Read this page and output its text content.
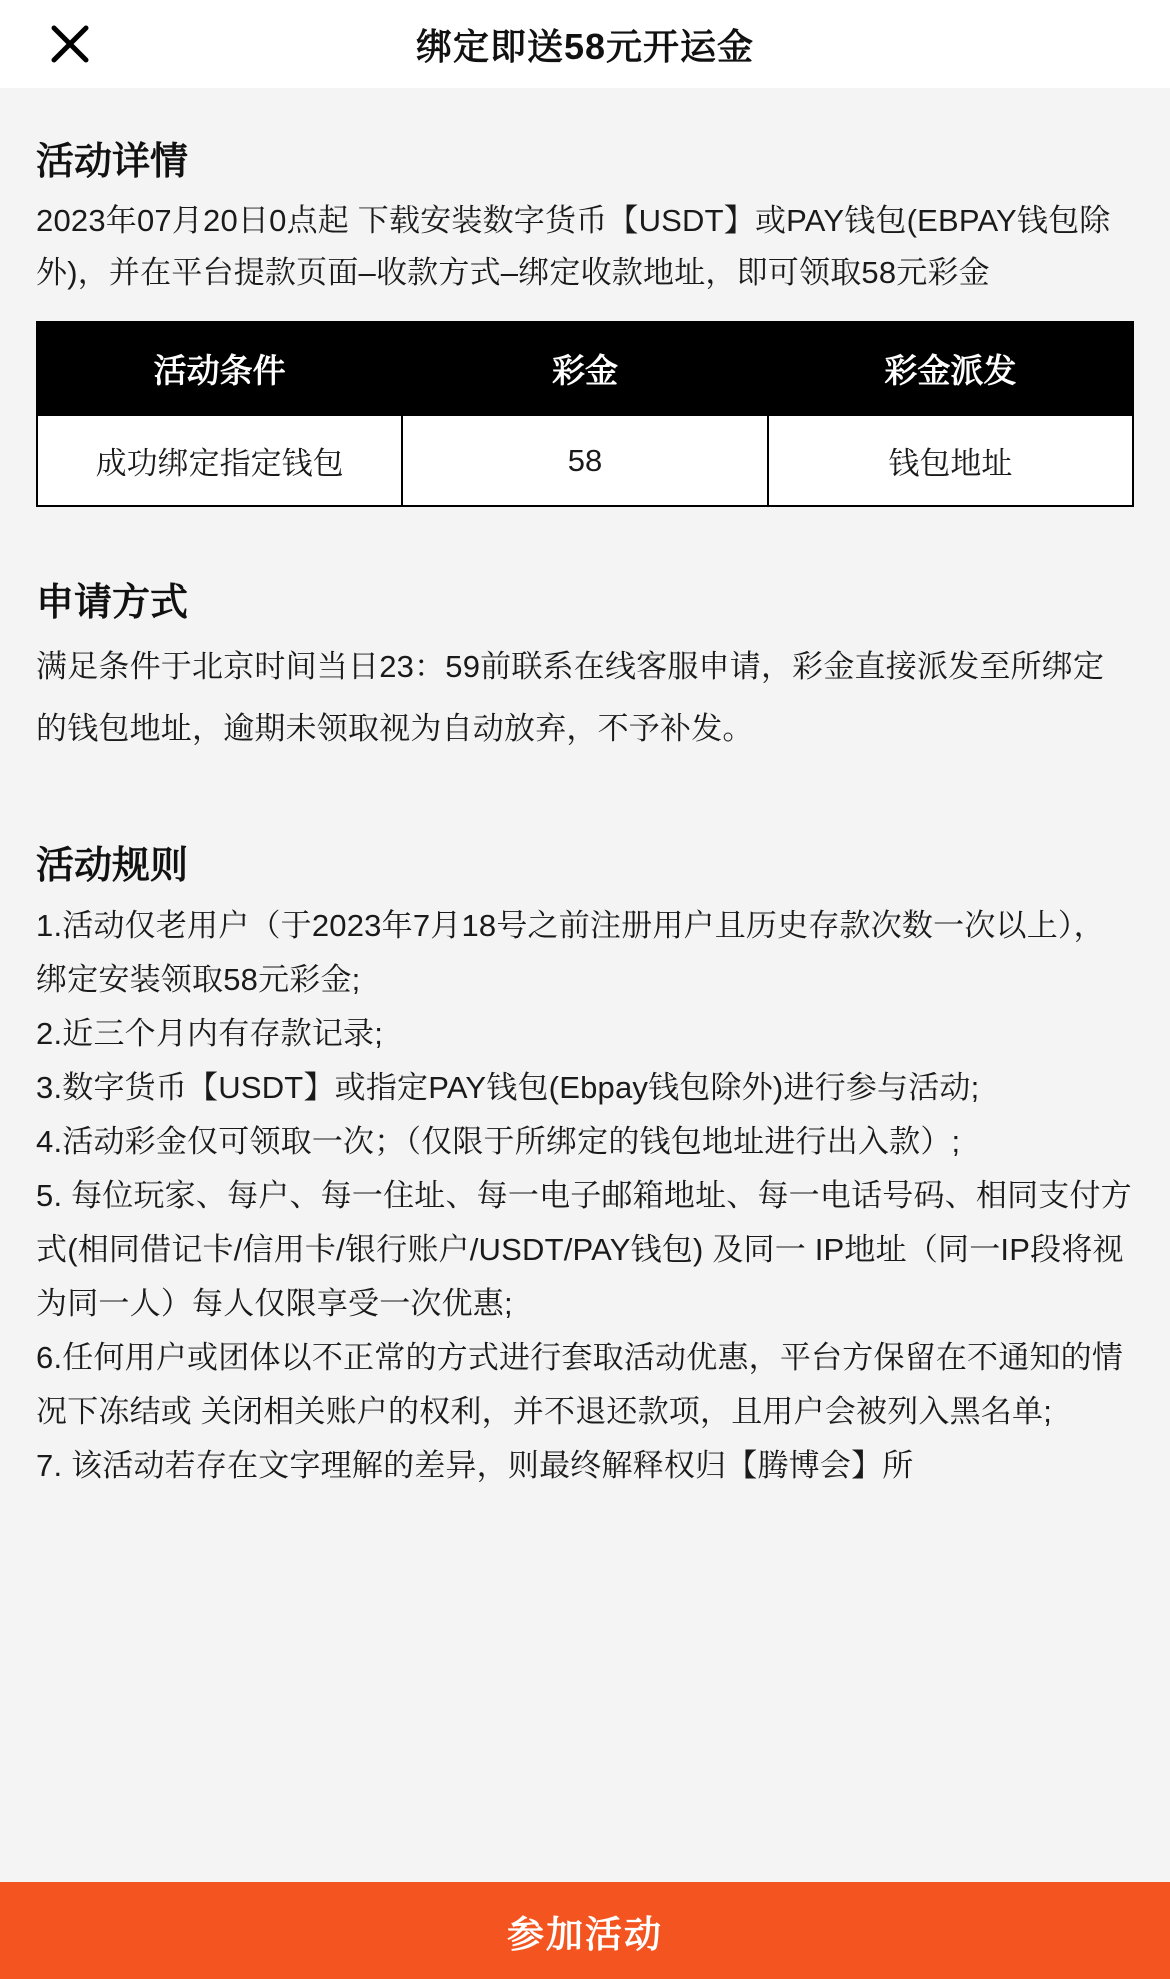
绑定即送58元开运金
活动详情

2023年07月20日0点起 下载安装数字货币【USDT】或PAY钱包(EBPAY钱包除外)，并在平台提款页面–收款方式–绑定收款地址，即可领取58元彩金

活动条件	彩金	彩金派发
成功绑定指定钱包	58	钱包地址
申请方式

满足条件于北京时间当日23：59前联系在线客服申请，彩金直接派发至所绑定的钱包地址，逾期未领取视为自动放弃，不予补发。

活动规则
1.活动仅老用户（于2023年7月18号之前注册用户且历史存款次数一次以上），绑定安装领取58元彩金;
2.近三个月内有存款记录;
3.数字货币【USDT】或指定PAY钱包(Ebpay钱包除外)进行参与活动;
4.活动彩金仅可领取一次；（仅限于所绑定的钱包地址进行出入款）;
5. 每位玩家、每户、每一住址、每一电子邮箱地址、每一电话号码、相同支付方式(相同借记卡/信用卡/银行账户/USDT/PAY钱包) 及同一 IP地址（同一IP段将视为同一人）每人仅限享受一次优惠;
6.任何用户或团体以不正常的方式进行套取活动优惠，平台方保留在不通知的情况下冻结或 关闭相关账户的权利，并不退还款项，且用户会被列入黑名单;
7. 该活动若存在文字理解的差异，则最终解释权归【腾博会】所
参加活动
